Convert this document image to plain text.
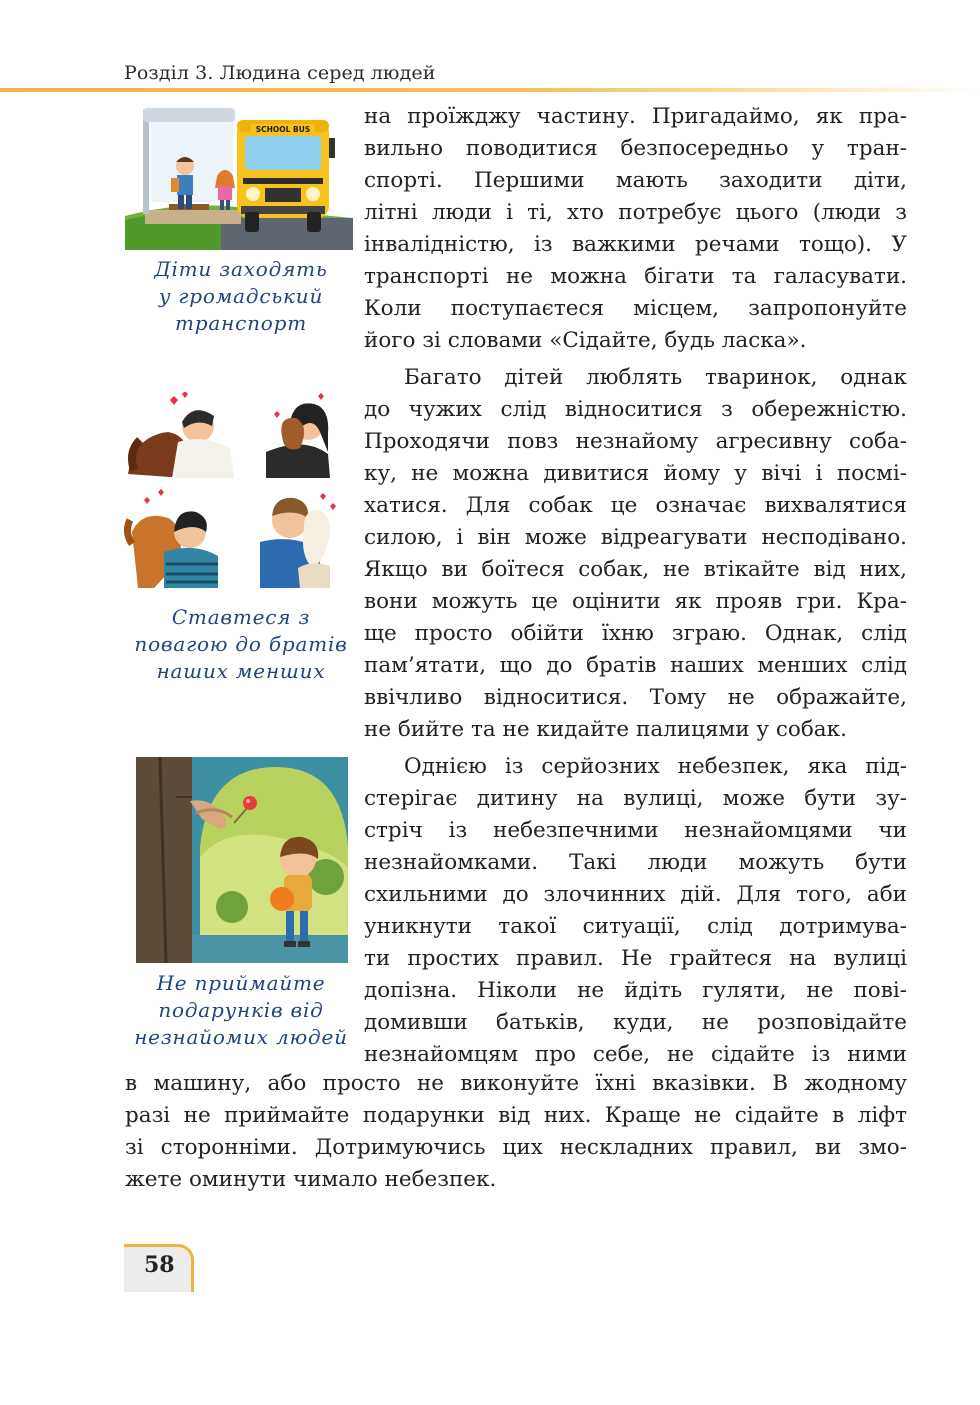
Розділ 3. Людина серед людей
SCHOOL BUS
Діти заходять
у громадський
транспорт
Ставтеся з
повагою до братів
наших менших
Не приймайте
подарунків від
незнайомих людей
на проїжджу частину. Пригадаймо, як пра-
вильно поводитися безпосередньо у тран-
спорті. Першими мають заходити діти,
літні люди і ті, хто потребує цього (люди з
інвалідністю, із важкими речами тощо). У
транспорті не можна бігати та галасувати.
Коли поступаєтеся місцем, запропонуйте
його зі словами «Сідайте, будь ласка».
Багато дітей люблять тваринок, однак
до чужих слід відноситися з обережністю.
Проходячи повз незнайому агресивну соба-
ку, не можна дивитися йому у вічі і посмі-
хатися. Для собак це означає вихвалятися
силою, і він може відреагувати несподівано.
Якщо ви боїтеся собак, не втікайте від них,
вони можуть це оцінити як прояв гри. Кра-
ще просто обійти їхню зграю. Однак, слід
пам’ятати, що до братів наших менших слід
ввічливо відноситися. Тому не ображайте,
не бийте та не кидайте палицями у собак.
Однією із серйозних небезпек, яка під-
стерігає дитину на вулиці, може бути зу-
стріч із небезпечними незнайомцями чи
незнайомками. Такі люди можуть бути
схильними до злочинних дій. Для того, аби
уникнути такої ситуації, слід дотримува-
ти простих правил. Не грайтеся на вулиці
допізна. Ніколи не йдіть гуляти, не пові-
домивши батьків, куди, не розповідайте
незнайомцям про себе, не сідайте із ними
в машину, або просто не виконуйте їхні вказівки. В жодному
разі не приймайте подарунки від них. Краще не сідайте в ліфт
зі сторонніми. Дотримуючись цих нескладних правил, ви змо-
жете оминути чимало небезпек.
58
